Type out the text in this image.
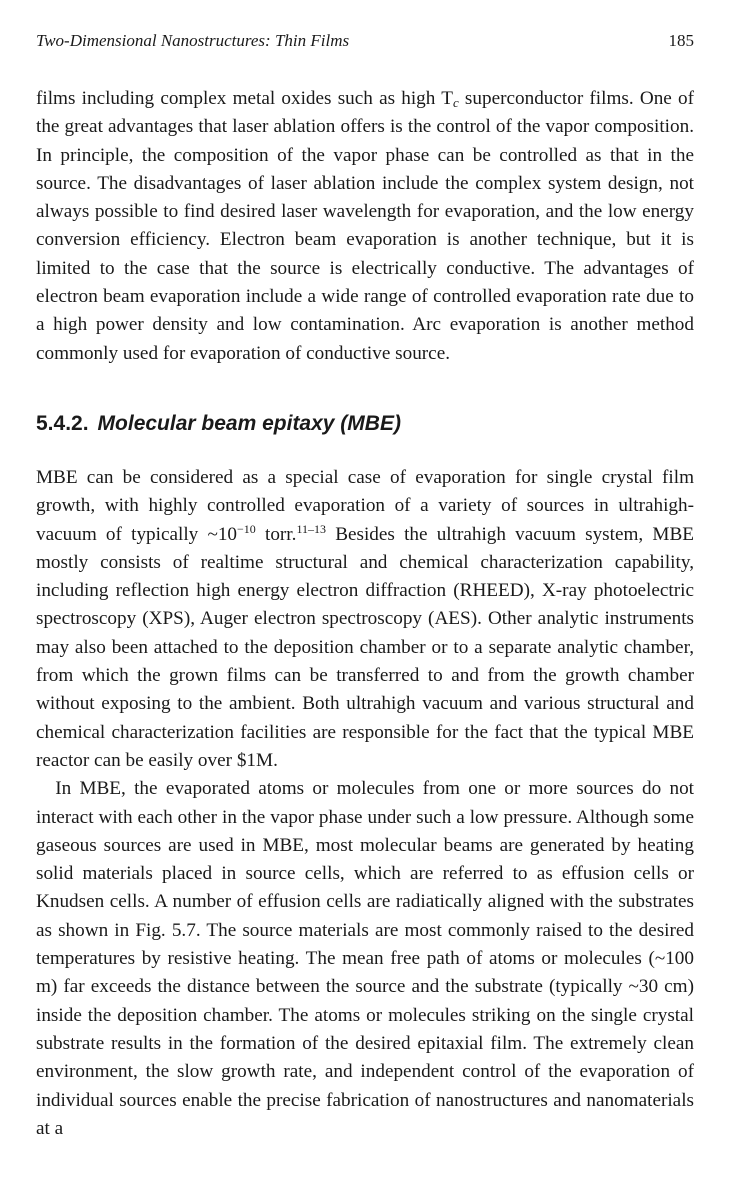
Two-Dimensional Nanostructures: Thin Films	185

films including complex metal oxides such as high $T_c$ superconductor films. One of the great advantages that laser ablation offers is the control of the vapor composition. In principle, the composition of the vapor phase can be controlled as that in the source. The disadvantages of laser ablation include the complex system design, not always possible to find desired laser wavelength for evaporation, and the low energy conversion efficiency. Electron beam evaporation is another technique, but it is limited to the case that the source is electrically conductive. The advantages of electron beam evaporation include a wide range of controlled evaporation rate due to a high power density and low contamination. Arc evaporation is another method commonly used for evaporation of conductive source.

5.4.2. Molecular beam epitaxy (MBE)

MBE can be considered as a special case of evaporation for single crystal film growth, with highly controlled evaporation of a variety of sources in ultrahigh-vacuum of typically $\sim 10^{-10}$ torr.$^{11-13}$ Besides the ultrahigh vacuum system, MBE mostly consists of realtime structural and chemical characterization capability, including reflection high energy electron diffraction (RHEED), X-ray photoelectric spectroscopy (XPS), Auger electron spectroscopy (AES). Other analytic instruments may also been attached to the deposition chamber or to a separate analytic chamber, from which the grown films can be transferred to and from the growth chamber without exposing to the ambient. Both ultrahigh vacuum and various structural and chemical characterization facilities are responsible for the fact that the typical MBE reactor can be easily over $1M.

In MBE, the evaporated atoms or molecules from one or more sources do not interact with each other in the vapor phase under such a low pressure. Although some gaseous sources are used in MBE, most molecular beams are generated by heating solid materials placed in source cells, which are referred to as effusion cells or Knudsen cells. A number of effusion cells are radiatically aligned with the substrates as shown in Fig. 5.7. The source materials are most commonly raised to the desired temperatures by resistive heating. The mean free path of atoms or molecules (~100 m) far exceeds the distance between the source and the substrate (typically ~30 cm) inside the deposition chamber. The atoms or molecules striking on the single crystal substrate results in the formation of the desired epitaxial film. The extremely clean environment, the slow growth rate, and independent control of the evaporation of individual sources enable the precise fabrication of nanostructures and nanomaterials at a
